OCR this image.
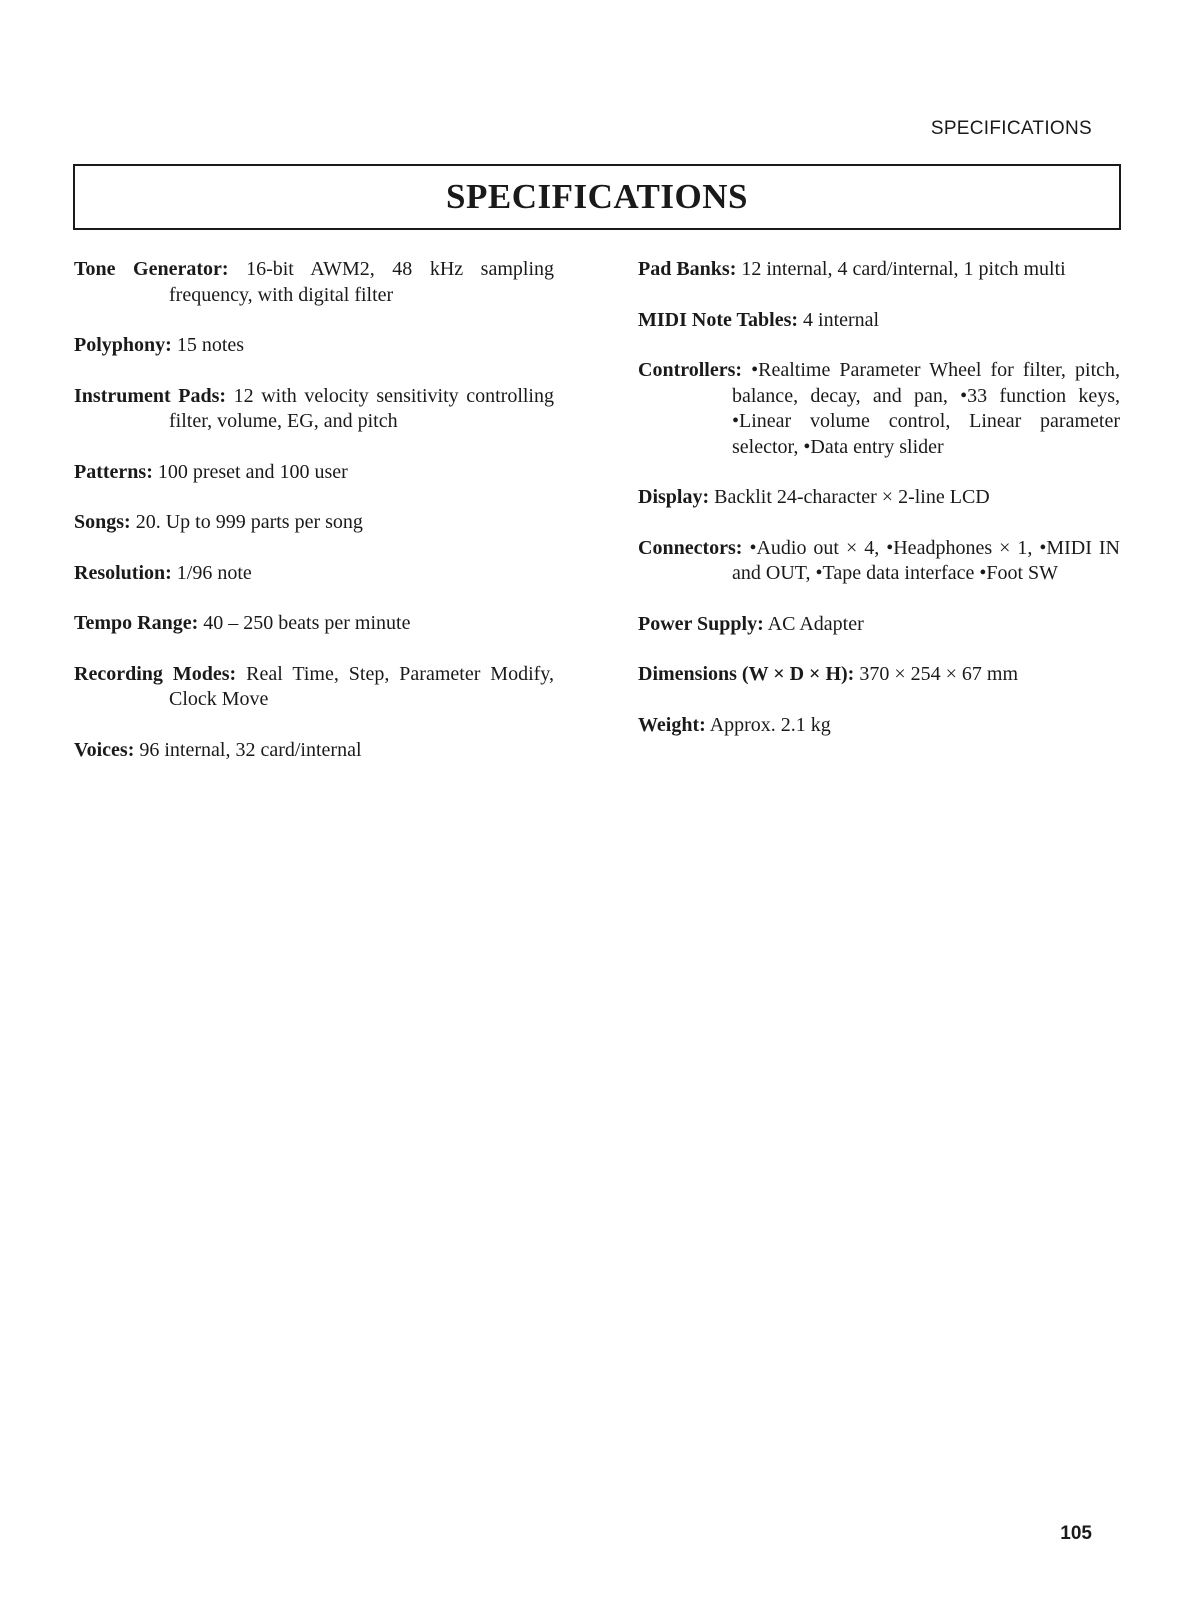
SPECIFICATIONS
SPECIFICATIONS

Tone Generator: 16-bit AWM2, 48 kHz sampling frequency, with digital filter

Polyphony: 15 notes

Instrument Pads: 12 with velocity sensitivity controlling filter, volume, EG, and pitch

Patterns: 100 preset and 100 user

Songs: 20. Up to 999 parts per song

Resolution: 1/96 note

Tempo Range: 40 – 250 beats per minute

Recording Modes: Real Time, Step, Parameter Modify, Clock Move

Voices: 96 internal, 32 card/internal

Pad Banks: 12 internal, 4 card/internal, 1 pitch multi

MIDI Note Tables: 4 internal

Controllers: •Realtime Parameter Wheel for filter, pitch, balance, decay, and pan, •33 function keys, •Linear volume control, Linear parameter selector, •Data entry slider

Display: Backlit 24-character × 2-line LCD

Connectors: •Audio out × 4, •Headphones × 1, •MIDI IN and OUT, •Tape data interface •Foot SW

Power Supply: AC Adapter

Dimensions (W × D × H): 370 × 254 × 67 mm

Weight: Approx. 2.1 kg

105
